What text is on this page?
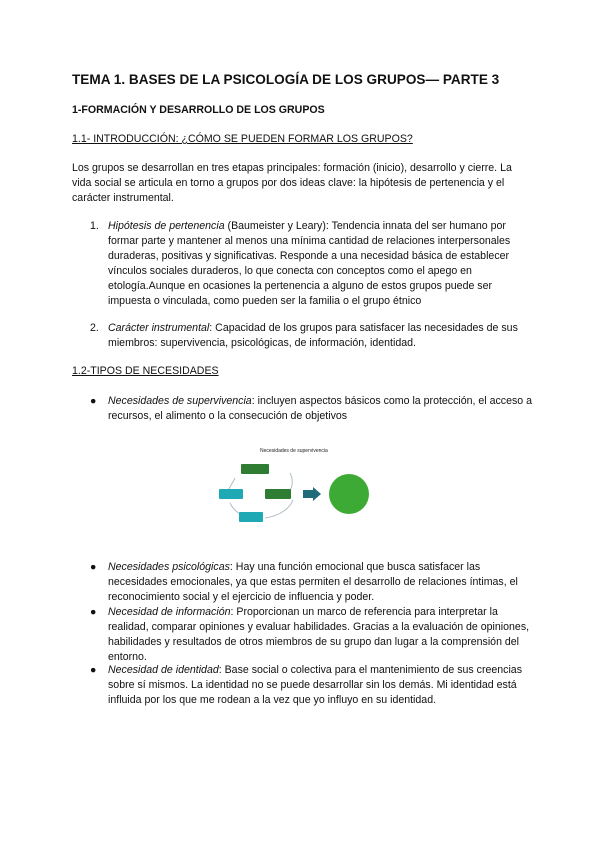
TEMA 1. BASES DE LA PSICOLOGÍA DE LOS GRUPOS— PARTE 3
1-FORMACIÓN Y DESARROLLO DE LOS GRUPOS
1.1- INTRODUCCIÓN: ¿CÓMO SE PUEDEN FORMAR LOS GRUPOS?
Los grupos se desarrollan en tres etapas principales: formación (inicio), desarrollo y cierre. La vida social se articula en torno a grupos por dos ideas clave: la hipótesis de pertenencia y el carácter instrumental.
1. Hipótesis de pertenencia (Baumeister y Leary): Tendencia innata del ser humano por formar parte y mantener al menos una mínima cantidad de relaciones interpersonales duraderas, positivas y significativas. Responde a una necesidad básica de establecer vínculos sociales duraderos, lo que conecta con conceptos como el apego en etología.Aunque en ocasiones la pertenencia a alguno de estos grupos puede ser impuesta o vinculada, como pueden ser la familia o el grupo étnico
2. Carácter instrumental: Capacidad de los grupos para satisfacer las necesidades de sus miembros: supervivencia, psicológicas, de información, identidad.
1.2-TIPOS DE NECESIDADES
● Necesidades de supervivencia: incluyen aspectos básicos como la protección, el acceso a recursos, el alimento o la consecución de objetivos
Necesidades de supervivencia
● Necesidades psicológicas: Hay una función emocional que busca satisfacer las necesidades emocionales, ya que estas permiten el desarrollo de relaciones íntimas, el reconocimiento social y el ejercicio de influencia y poder.
● Necesidad de información: Proporcionan un marco de referencia para interpretar la realidad, comparar opiniones y evaluar habilidades. Gracias a la evaluación de opiniones, habilidades y resultados de otros miembros de su grupo dan lugar a la comprensión del entorno.
● Necesidad de identidad: Base social o colectiva para el mantenimiento de sus creencias sobre sí mismos. La identidad no se puede desarrollar sin los demás. Mi identidad está influida por los que me rodean a la vez que yo influyo en su identidad.
